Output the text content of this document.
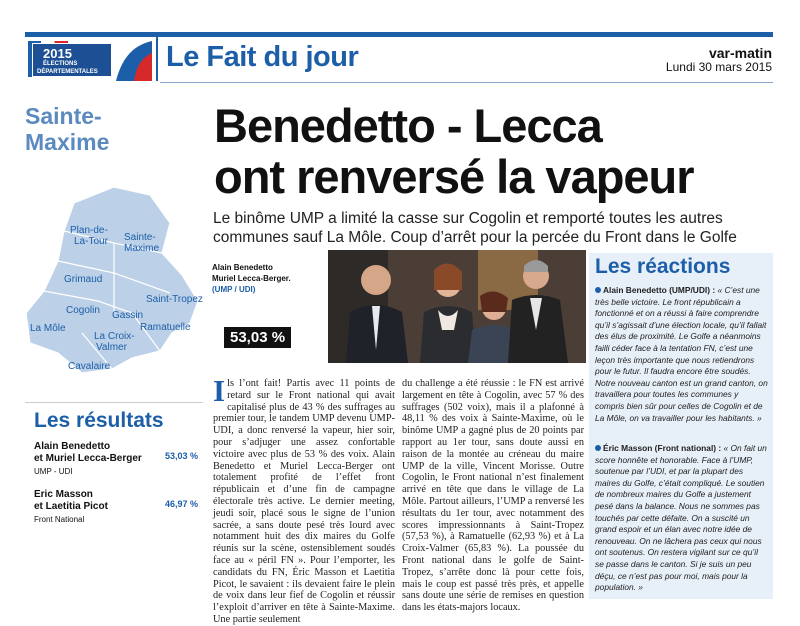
2015
ÉLECTIONS
DÉPARTEMENTALES Le Fait du jour	var-matin
Lundi 30 mars 2015
Sainte-
Maxime
Plan-de-
La-Tour Sainte-
Maxime
Grimaud
Cogolin Gassin
Saint-Tropez
La Môle
La Croix-
Valmer
Ramatuelle
Cavalaire
Les résultats
Alain Benedetto
et Muriel Lecca-Berger
UMP - UDI
53,03 %
Eric Masson
et Laetitia Picot
Front National
46,97 %
Benedetto - Lecca
ont renversé la vapeur
Le binôme UMP a limité la casse sur Cogolin et remporté toutes les autres communes sauf La Môle. Coup d’arrêt pour la percée du Front dans le Golfe
Alain Benedetto
Muriel Lecca-Berger.
(UMP / UDI)
53,03 %
Ils l’ont fait! Partis avec 11 points de retard sur le Front national qui avait capitalisé plus de 43 % des suffrages au premier tour, le tandem UMP devenu UMP-UDI, a donc renversé la vapeur, hier soir, pour s’adjuger une assez confortable victoire avec plus de 53 % des voix. Alain Benedetto et Muriel Lecca-Berger ont totalement profité de l’effet front républicain et d’une fin de campagne électorale très active. Le dernier meeting, jeudi soir, placé sous le signe de l’union sacrée, a sans doute pesé très lourd avec notamment huit des dix maires du Golfe réunis sur la scène, ostensiblement soudés face au « péril FN ». Pour l’emporter, les candidats du FN, Éric Masson et Laetitia Picot, le savaient : ils devaient faire le plein de voix dans leur fief de Cogolin et réussir l’exploit d’arriver en tête à Sainte-Maxime. Une partie seulement
du challenge a été réussie : le FN est arrivé largement en tête à Cogolin, avec 57 % des suffrages (502 voix), mais il a plafonné à 48,11 % des voix à Sainte-Maxime, où le binôme UMP a gagné plus de 20 points par rapport au 1er tour, sans doute aussi en raison de la montée au créneau du maire UMP de la ville, Vincent Morisse. Outre Cogolin, le Front national n’est finalement arrivé en tête que dans le village de La Môle. Partout ailleurs, l’UMP a renversé les résultats du 1er tour, avec notamment des scores impressionnants à Saint-Tropez (57,53 %), à Ramatuelle (62,93 %) et à La Croix-Valmer (65,83 %). La poussée du Front national dans le golfe de Saint-Tropez, s’arrête donc là pour cette fois, mais le coup est passé très près, et appelle sans doute une série de remises en question dans les états-majors locaux.
Les réactions
Alain Benedetto (UMP/UDI) : « C’est une très belle victoire. Le front républicain a fonctionné et on a réussi à faire comprendre qu’il s’agissait d’une élection locale, qu’il fallait des élus de proximité. Le Golfe a néanmoins failli céder face à la tentation FN, c’est une leçon très importante que nous retiendrons pour le futur. Il faudra encore être soudés. Notre nouveau canton est un grand canton, on travaillera pour toutes les communes y compris bien sûr pour celles de Cogolin et de La Môle, on va travailler pour les habitants. »
Éric Masson (Front national) : « On fait un score honnête et honorable. Face à l’UMP, soutenue par l’UDI, et par la plupart des maires du Golfe, c’était compliqué. Le soutien de nombreux maires du Golfe a justement pesé dans la balance. Nous ne sommes pas touchés par cette défaite. On a suscité un grand espoir et un élan avec notre idée de renouveau. On ne lâchera pas ceux qui nous ont soutenus. On restera vigilant sur ce qu’il se passe dans le canton. Si je suis un peu déçu, ce n’est pas pour moi, mais pour la population. »
